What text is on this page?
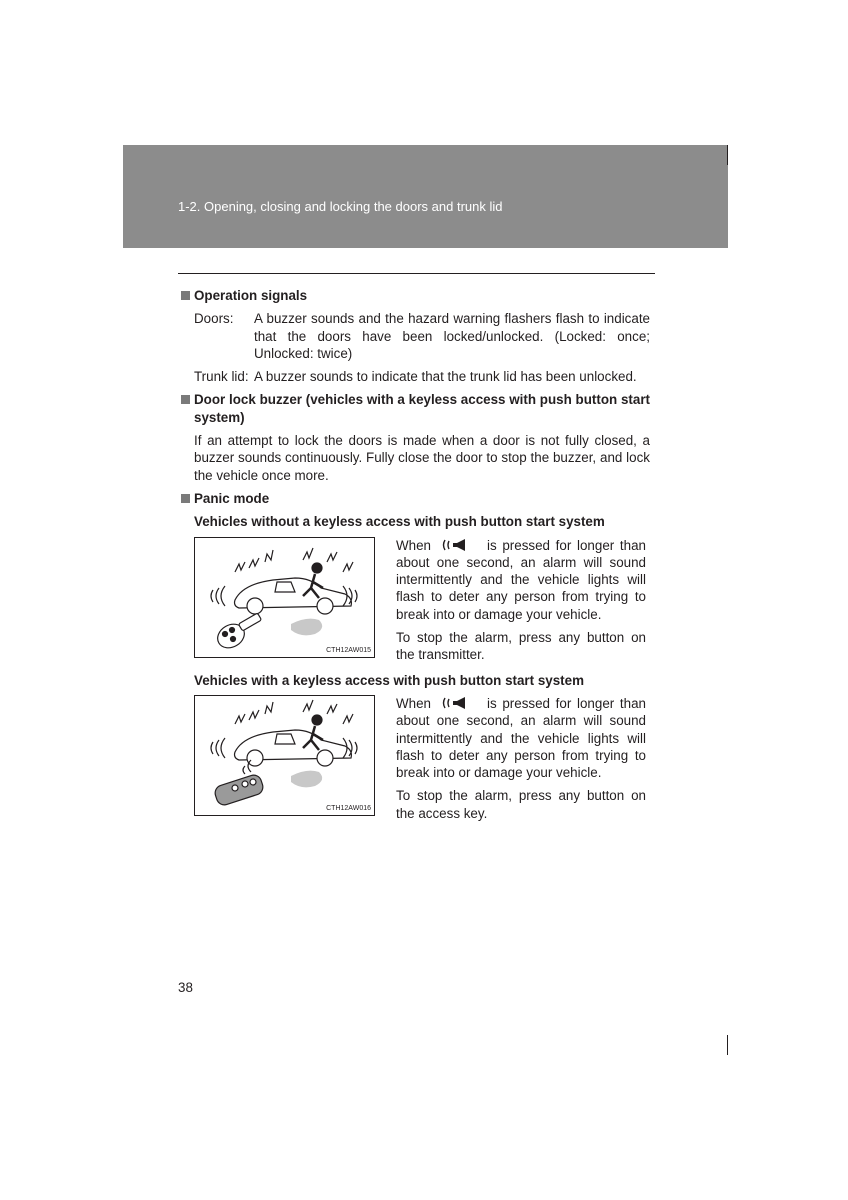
1-2. Opening, closing and locking the doors and trunk lid

Operation signals

Doors:	A buzzer sounds and the hazard warning flashers flash to indicate that the doors have been locked/unlocked. (Locked: once; Unlocked: twice)
Trunk lid: A buzzer sounds to indicate that the trunk lid has been unlocked.

Door lock buzzer (vehicles with a keyless access with push button start system)

If an attempt to lock the doors is made when a door is not fully closed, a buzzer sounds continuously. Fully close the door to stop the buzzer, and lock the vehicle once more.

Panic mode

Vehicles without a keyless access with push button start system

CTH12AW015

When	is pressed for longer than about one second, an alarm will sound intermittently and the vehicle lights will flash to deter any person from trying to break into or damage your vehicle.

To stop the alarm, press any button on the transmitter.

Vehicles with a keyless access with push button start system

CTH12AW016

When	is pressed for longer than about one second, an alarm will sound intermittently and the vehicle lights will flash to deter any person from trying to break into or damage your vehicle.

To stop the alarm, press any button on the access key.

38
